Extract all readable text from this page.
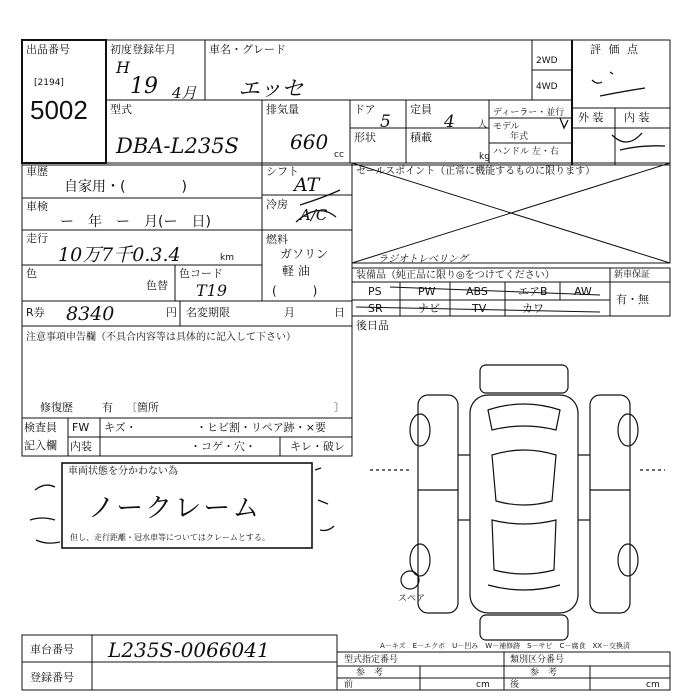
出品番号
[2194]
5002
初度登録年月
H
19 4月
車名・グレード
エッセ
2WD
4WD
評 価 点
型式
DBA-L235S
排気量
660
cc
ドア
5
形状
定員
4	人
積載
kg
ディーラー・並行
モデル
年式
ハンドル 左・右
外 装 内 装
車歴
自家用・(　　　　)
車検
ー　年　ー　月(ー　日)
走行
10万7千0.3.4	km
色
色替
色コード
T19
シフト
AT
冷房
A/C
燃料
ガソリン
軽 油
(　　　)
R券 8340	円 名変期限	月	日
セールスポイント（正常に機能するものに限ります）
ラジオトレベリング
装備品（純正品に限り◎をつけてください）	新車保証
有・無
PS	PW	ABS	エアB AW
SR	ナビ	TV	カワ
後日品
注意事項申告欄（不具合内容等は具体的に記入して下さい）
修復歴	有 〔箇所	〕
検査員
記入欄
FW キズ・	・ヒビ割・リペア跡・×要
内装	・コゲ・穴・	キレ・破レ
車両状態を分かわない為
ノークレーム
但し、走行距離・冠水車等についてはクレームとする。
スペア
A－キズ　E－エクボ　U－凹み　W－補修跡　S－サビ　C－腐食　XX－交換済
車台番号 L235S-0066041
登録番号
型式指定番号	類別区分番号
参　考	参　考
前	cm 後	cm
